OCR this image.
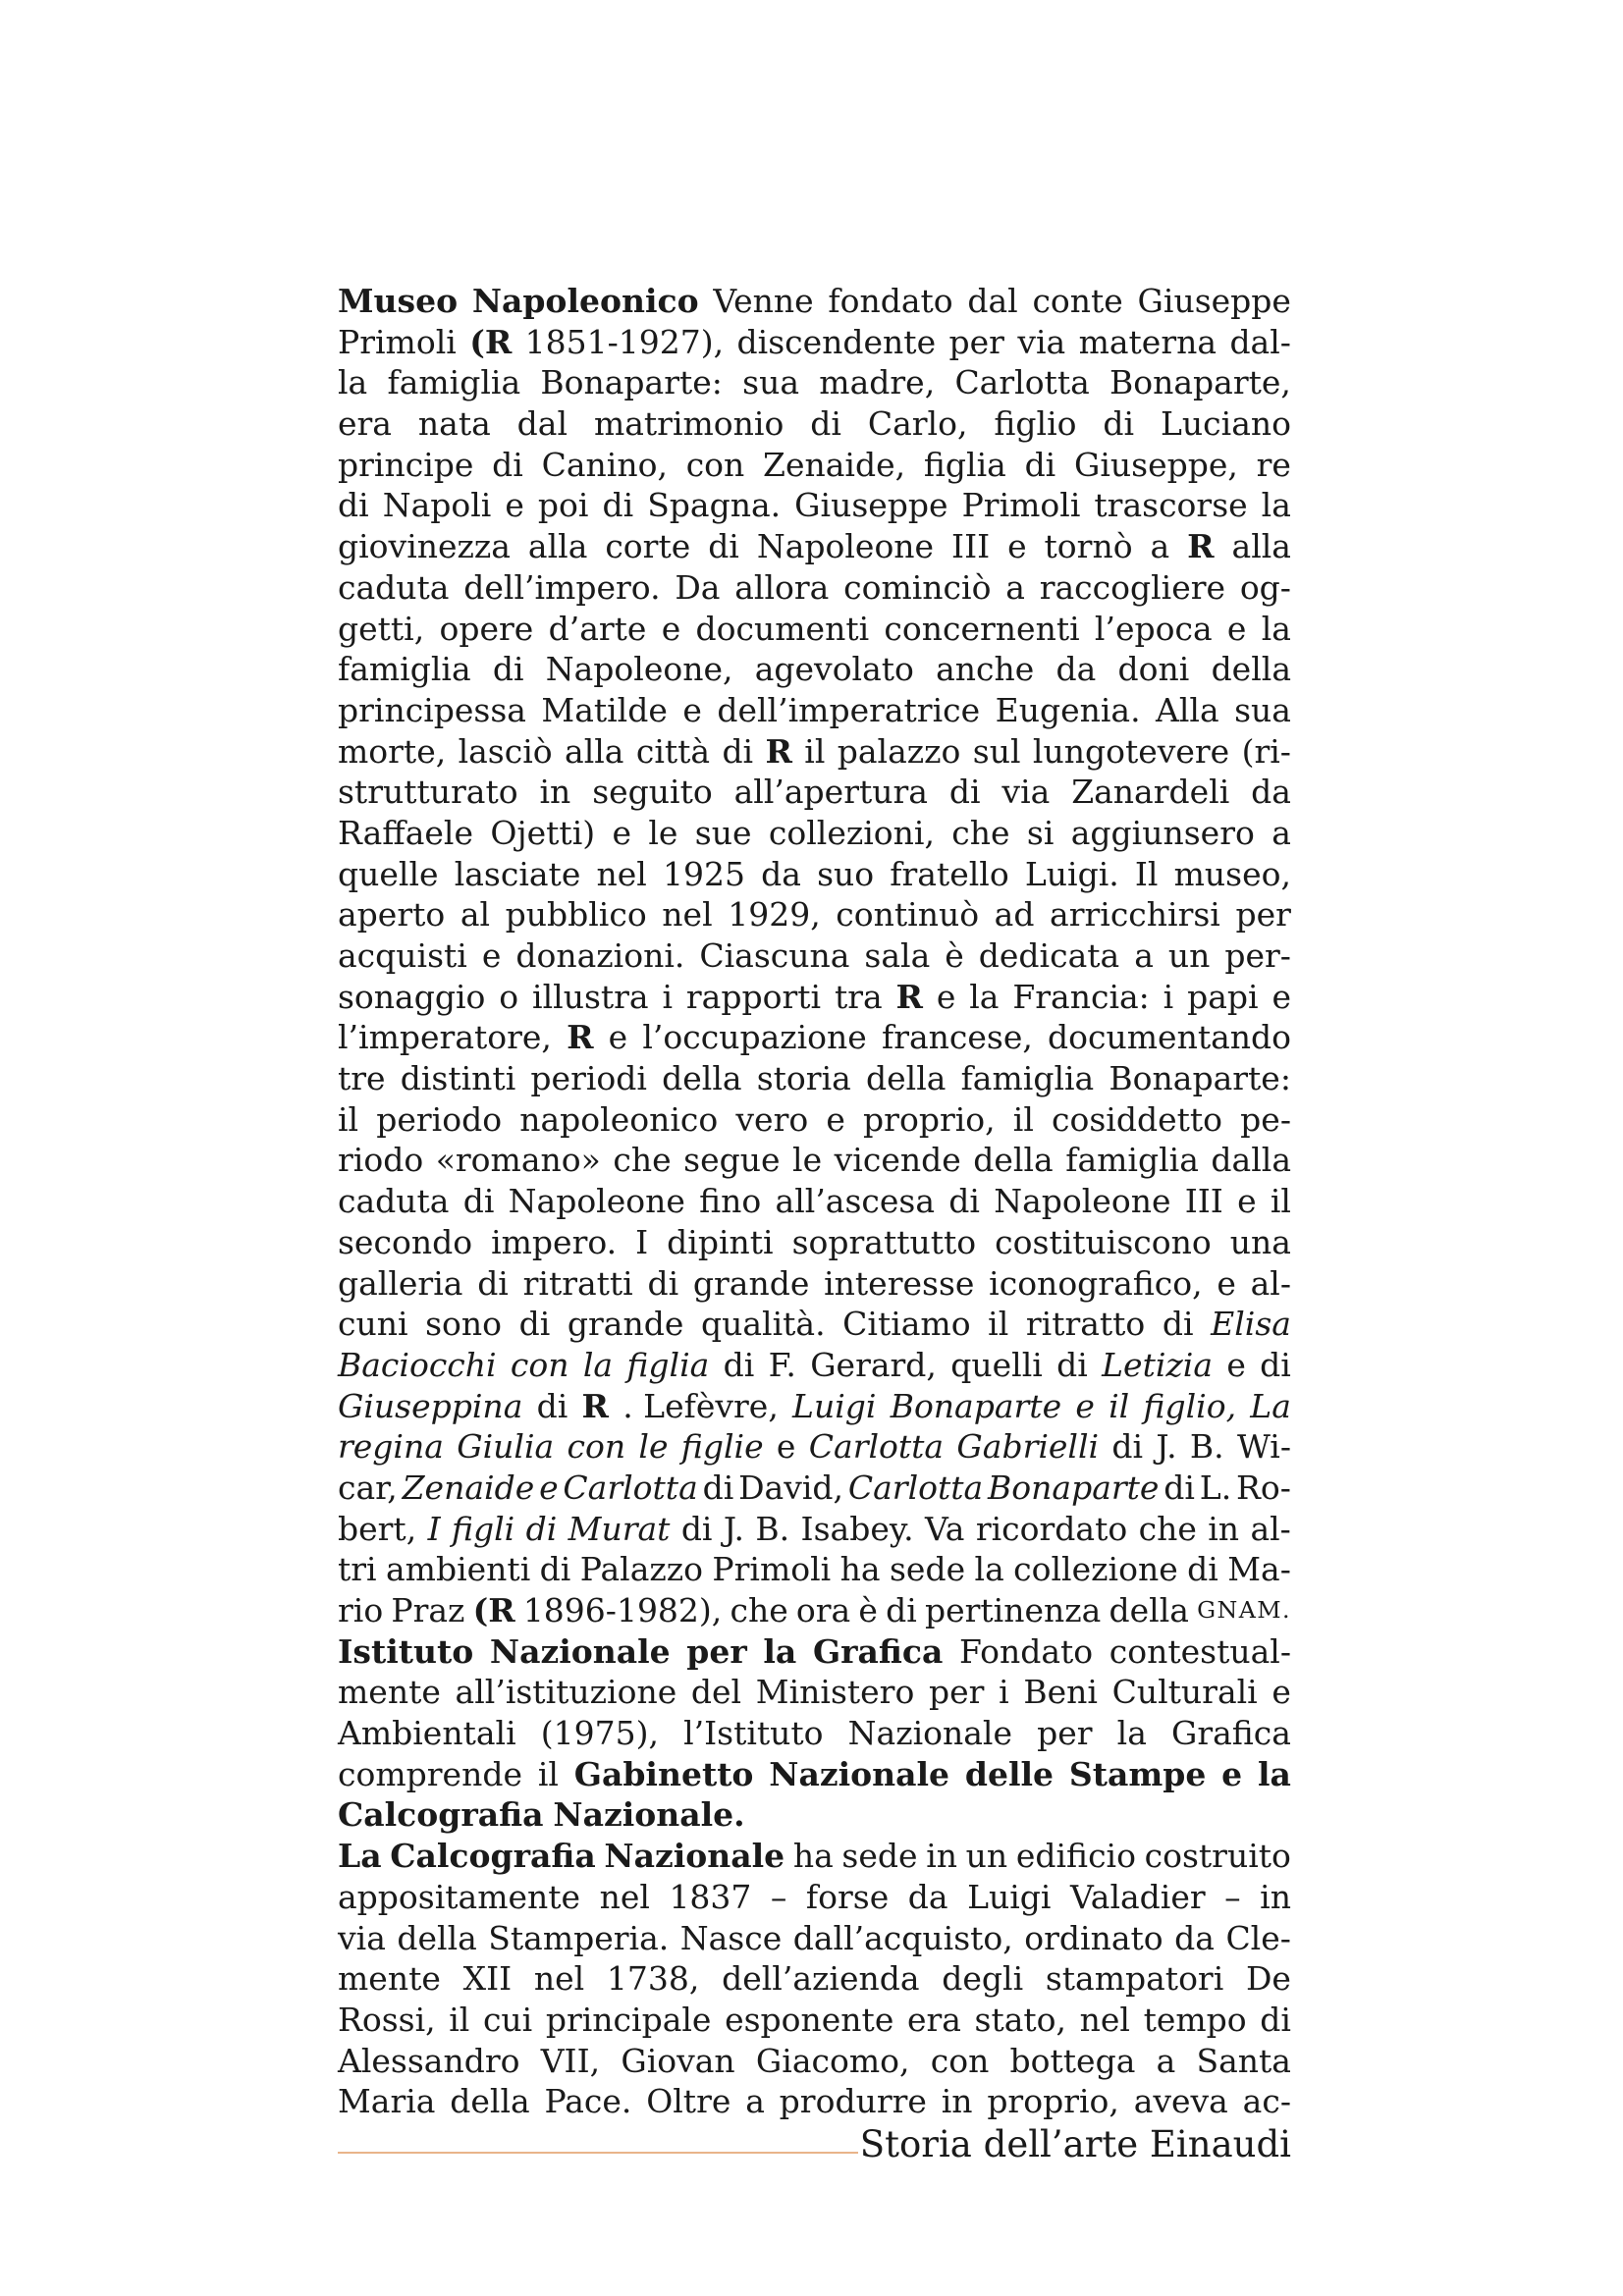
Museo Napoleonico Venne fondato dal conte Giuseppe
Primoli (R 1851-1927), discendente per via materna dal-
la famiglia Bonaparte: sua madre, Carlotta Bonaparte,
era nata dal matrimonio di Carlo, figlio di Luciano
principe di Canino, con Zenaide, figlia di Giuseppe, re
di Napoli e poi di Spagna. Giuseppe Primoli trascorse la
giovinezza alla corte di Napoleone III e tornò a R alla
caduta dell’impero. Da allora cominciò a raccogliere og-
getti, opere d’arte e documenti concernenti l’epoca e la
famiglia di Napoleone, agevolato anche da doni della
principessa Matilde e dell’imperatrice Eugenia. Alla sua
morte, lasciò alla città di R il palazzo sul lungotevere (ri-
strutturato in seguito all’apertura di via Zanardeli da
Raffaele Ojetti) e le sue collezioni, che si aggiunsero a
quelle lasciate nel 1925 da suo fratello Luigi. Il museo,
aperto al pubblico nel 1929, continuò ad arricchirsi per
acquisti e donazioni. Ciascuna sala è dedicata a un per-
sonaggio o illustra i rapporti tra R e la Francia: i papi e
l’imperatore, R e l’occupazione francese, documentando
tre distinti periodi della storia della famiglia Bonaparte:
il periodo napoleonico vero e proprio, il cosiddetto pe-
riodo «romano» che segue le vicende della famiglia dalla
caduta di Napoleone fino all’ascesa di Napoleone III e il
secondo impero. I dipinti soprattutto costituiscono una
galleria di ritratti di grande interesse iconografico, e al-
cuni sono di grande qualità. Citiamo il ritratto di Elisa
Baciocchi con la figlia di F. Gerard, quelli di Letizia e di
Giuseppina di R . Lefèvre, Luigi Bonaparte e il figlio, La
regina Giulia con le figlie e Carlotta Gabrielli di J. B. Wi-
car, Zenaide e Carlotta di David, Carlotta Bonaparte di L. Ro-
bert, I figli di Murat di J. B. Isabey. Va ricordato che in al-
tri ambienti di Palazzo Primoli ha sede la collezione di Ma-
rio Praz (R 1896-1982), che ora è di pertinenza della GNAM.
Istituto Nazionale per la Grafica Fondato contestual-
mente all’istituzione del Ministero per i Beni Culturali e
Ambientali (1975), l’Istituto Nazionale per la Grafica
comprende il Gabinetto Nazionale delle Stampe e la
Calcografia Nazionale.
La Calcografia Nazionale ha sede in un edificio costruito
appositamente nel 1837 – forse da Luigi Valadier – in
via della Stamperia. Nasce dall’acquisto, ordinato da Cle-
mente XII nel 1738, dell’azienda degli stampatori De
Rossi, il cui principale esponente era stato, nel tempo di
Alessandro VII, Giovan Giacomo, con bottega a Santa
Maria della Pace. Oltre a produrre in proprio, aveva ac-
Storia dell’arte Einaudi
